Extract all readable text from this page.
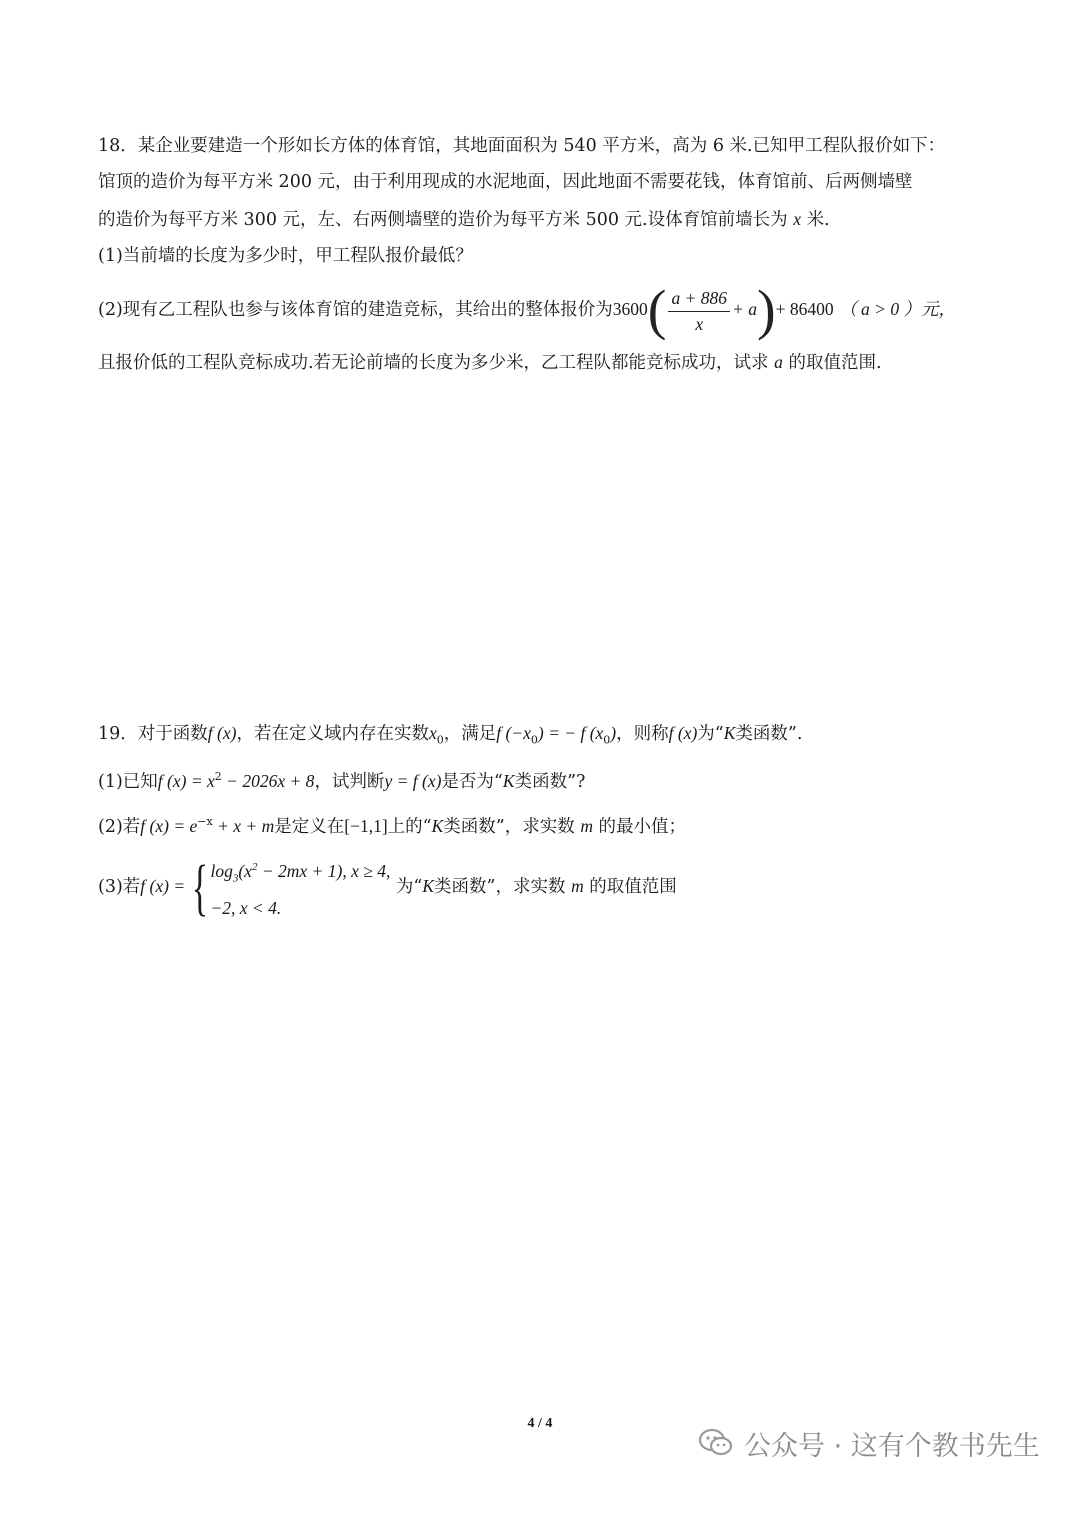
18．某企业要建造一个形如长方体的体育馆，其地面面积为 540 平方米，高为 6 米.已知甲工程队报价如下：
馆顶的造价为每平方米 200 元，由于利用现成的水泥地面，因此地面不需要花钱，体育馆前、后两侧墙壁
的造价为每平方米 300 元，左、右两侧墙壁的造价为每平方米 500 元.设体育馆前墙长为 x 米.
(1)当前墙的长度为多少时，甲工程队报价最低？
(2)现有乙工程队也参与该体育馆的建造竞标，其给出的整体报价为$3600( \frac{a + 886}{x} + a)+ 86400$ （ a > 0 ）元，
且报价低的工程队竞标成功.若无论前墙的长度为多少米，乙工程队都能竞标成功，试求 a 的取值范围.
19．对于函数f (x)，若在定义域内存在实数$x_0$，满足f $(-x_0)$ = − f $(x_0)$，则称f (x)为“K类函数”.
(1)已知f $(x) = x^2 - 2026x + 8$，试判断y = f (x)是否为“K类函数”?
(2)若f $(x) = e^{-x} + x + m$是定义在[−1,1]上的“K类函数”，求实数 m 的最小值；
(3)若f (x) = { $\log_3(x^2 - 2mx + 1)$, x ≥ 4,
−2, x < 4.
为“K类函数”，求实数 m 的取值范围
4 / 4
公众号 · 这有个教书先生
